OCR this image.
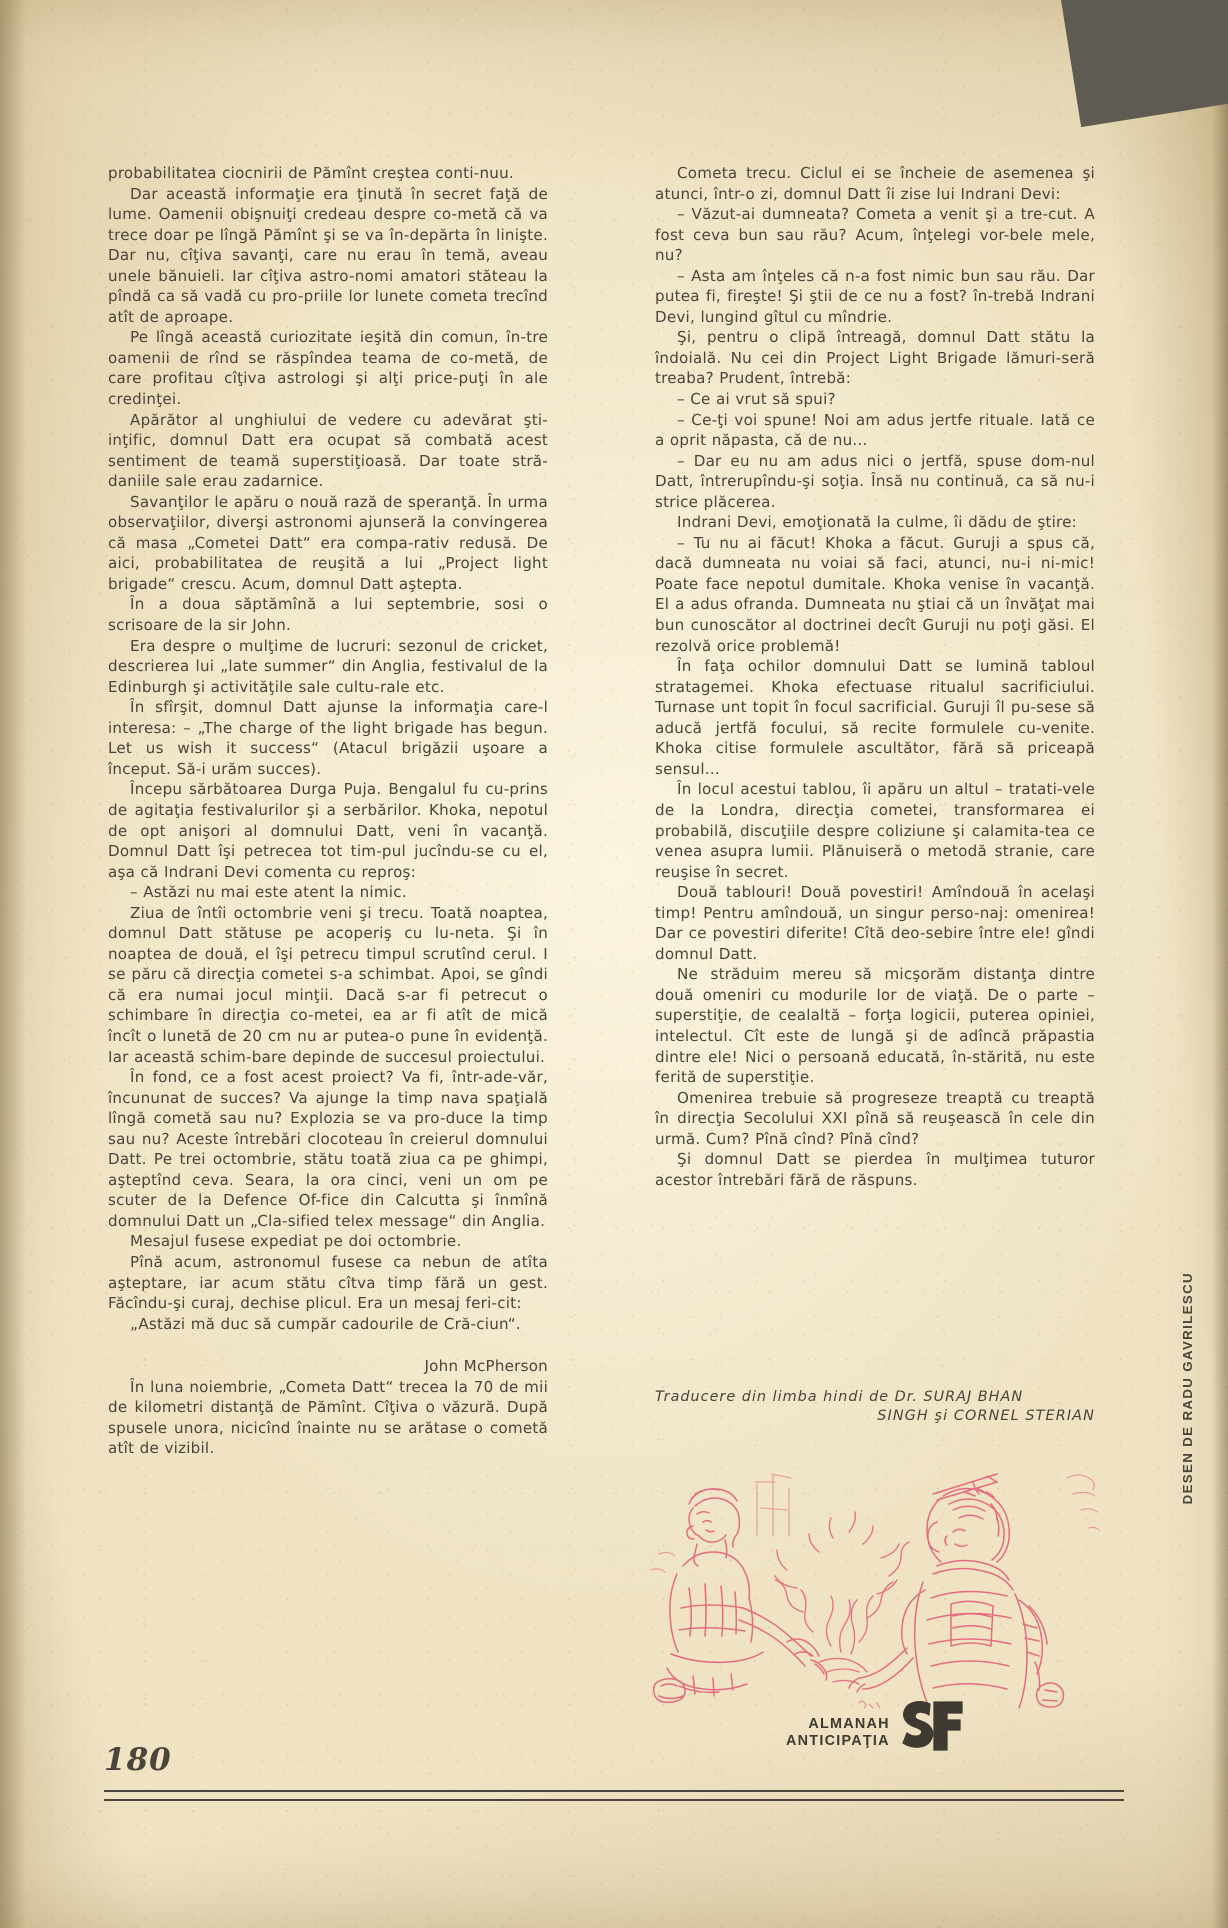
probabilitatea ciocnirii de Pămînt creştea conti-nuu.

Dar această informaţie era ţinută în secret faţă de lume. Oamenii obişnuiţi credeau despre co-metă că va trece doar pe lîngă Pămînt şi se va în-depărta în linişte. Dar nu, cîţiva savanţi, care nu erau în temă, aveau unele bănuieli. Iar cîţiva astro-nomi amatori stăteau la pîndă ca să vadă cu pro-priile lor lunete cometa trecînd atît de aproape.

Pe lîngă această curiozitate ieşită din comun, în-tre oamenii de rînd se răspîndea teama de co-metă, de care profitau cîţiva astrologi şi alţi price-puţi în ale credinţei.

Apărător al unghiului de vedere cu adevărat şti-inţific, domnul Datt era ocupat să combată acest sentiment de teamă superstiţioasă. Dar toate stră-daniile sale erau zadarnice.

Savanţilor le apăru o nouă rază de speranţă. În urma observaţiilor, diverşi astronomi ajunseră la convingerea că masa „Cometei Datt“ era compa-rativ redusă. De aici, probabilitatea de reuşită a lui „Project light brigade“ crescu. Acum, domnul Datt aştepta.

În a doua săptămînă a lui septembrie, sosi o scrisoare de la sir John.

Era despre o mulţime de lucruri: sezonul de cricket, descrierea lui „late summer“ din Anglia, festivalul de la Edinburgh şi activităţile sale cultu-rale etc.

În sfîrşit, domnul Datt ajunse la informaţia care-l interesa: – „The charge of the light brigade has begun. Let us wish it success“ (Atacul brigăzii uşoare a început. Să-i urăm succes).

Începu sărbătoarea Durga Puja. Bengalul fu cu-prins de agitaţia festivalurilor şi a serbărilor. Khoka, nepotul de opt anişori al domnului Datt, veni în vacanţă. Domnul Datt îşi petrecea tot tim-pul jucîndu-se cu el, aşa că Indrani Devi comenta cu reproş:

– Astăzi nu mai este atent la nimic.

Ziua de întîi octombrie veni şi trecu. Toată noaptea, domnul Datt stătuse pe acoperiş cu lu-neta. Şi în noaptea de două, el îşi petrecu timpul scrutînd cerul. I se păru că direcţia cometei s-a schimbat. Apoi, se gîndi că era numai jocul minţii. Dacă s-ar fi petrecut o schimbare în direcţia co-metei, ea ar fi atît de mică încît o lunetă de 20 cm nu ar putea-o pune în evidenţă. Iar această schim-bare depinde de succesul proiectului.

În fond, ce a fost acest proiect? Va fi, într-ade-văr, încununat de succes? Va ajunge la timp nava spaţială lîngă cometă sau nu? Explozia se va pro-duce la timp sau nu? Aceste întrebări clocoteau în creierul domnului Datt. Pe trei octombrie, stătu toată ziua ca pe ghimpi, aşteptînd ceva. Seara, la ora cinci, veni un om pe scuter de la Defence Of-fice din Calcutta şi înmînă domnului Datt un „Cla-sified telex message“ din Anglia.

Mesajul fusese expediat pe doi octombrie.

Pînă acum, astronomul fusese ca nebun de atîta aşteptare, iar acum stătu cîtva timp fără un gest. Făcîndu-şi curaj, dechise plicul. Era un mesaj feri-cit:

„Astăzi mă duc să cumpăr cadourile de Cră-ciun“.

John McPherson

În luna noiembrie, „Cometa Datt“ trecea la 70 de mii de kilometri distanţă de Pămînt. Cîţiva o văzură. După spusele unora, nicicînd înainte nu se arătase o cometă atît de vizibil.

Cometa trecu. Ciclul ei se încheie de asemenea şi atunci, într-o zi, domnul Datt îi zise lui Indrani Devi:

– Văzut-ai dumneata? Cometa a venit şi a tre-cut. A fost ceva bun sau rău? Acum, înţelegi vor-bele mele, nu?

– Asta am înţeles că n-a fost nimic bun sau rău. Dar putea fi, fireşte! Şi ştii de ce nu a fost? în-trebă Indrani Devi, lungind gîtul cu mîndrie.

Şi, pentru o clipă întreagă, domnul Datt stătu la îndoială. Nu cei din Project Light Brigade lămuri-seră treaba? Prudent, întrebă:

– Ce ai vrut să spui?

– Ce-ţi voi spune! Noi am adus jertfe rituale. Iată ce a oprit năpasta, că de nu...

– Dar eu nu am adus nici o jertfă, spuse dom-nul Datt, întrerupîndu-şi soţia. Însă nu continuă, ca să nu-i strice plăcerea.

Indrani Devi, emoţionată la culme, îi dădu de ştire:

– Tu nu ai făcut! Khoka a făcut. Guruji a spus că, dacă dumneata nu voiai să faci, atunci, nu-i ni-mic! Poate face nepotul dumitale. Khoka venise în vacanţă. El a adus ofranda. Dumneata nu ştiai că un învăţat mai bun cunoscător al doctrinei decît Guruji nu poţi găsi. El rezolvă orice problemă!

În faţa ochilor domnului Datt se lumină tabloul stratagemei. Khoka efectuase ritualul sacrificiului. Turnase unt topit în focul sacrificial. Guruji îl pu-sese să aducă jertfă focului, să recite formulele cu-venite. Khoka citise formulele ascultător, fără să priceapă sensul...

În locul acestui tablou, îi apăru un altul – tratati-vele de la Londra, direcţia cometei, transformarea ei probabilă, discuţiile despre coliziune şi calamita-tea ce venea asupra lumii. Plănuiseră o metodă stranie, care reuşise în secret.

Două tablouri! Două povestiri! Amîndouă în acelaşi timp! Pentru amîndouă, un singur perso-naj: omenirea! Dar ce povestiri diferite! Cîtă deo-sebire între ele! gîndi domnul Datt.

Ne străduim mereu să micşorăm distanţa dintre două omeniri cu modurile lor de viaţă. De o parte – superstiţie, de cealaltă – forţa logicii, puterea opiniei, intelectul. Cît este de lungă şi de adîncă prăpastia dintre ele! Nici o persoană educată, în-stărită, nu este ferită de superstiţie.

Omenirea trebuie să progreseze treaptă cu treaptă în direcţia Secolului XXI pînă să reuşească în cele din urmă. Cum? Pînă cînd? Pînă cînd?

Şi domnul Datt se pierdea în mulţimea tuturor acestor întrebări fără de răspuns.

Traducere din limba hindi de Dr. SURAJ BHAN
SINGH şi CORNEL STERIAN	DESEN DE RADU GAVRILESCU
180
ALMANAH
ANTICIPAŢIA
